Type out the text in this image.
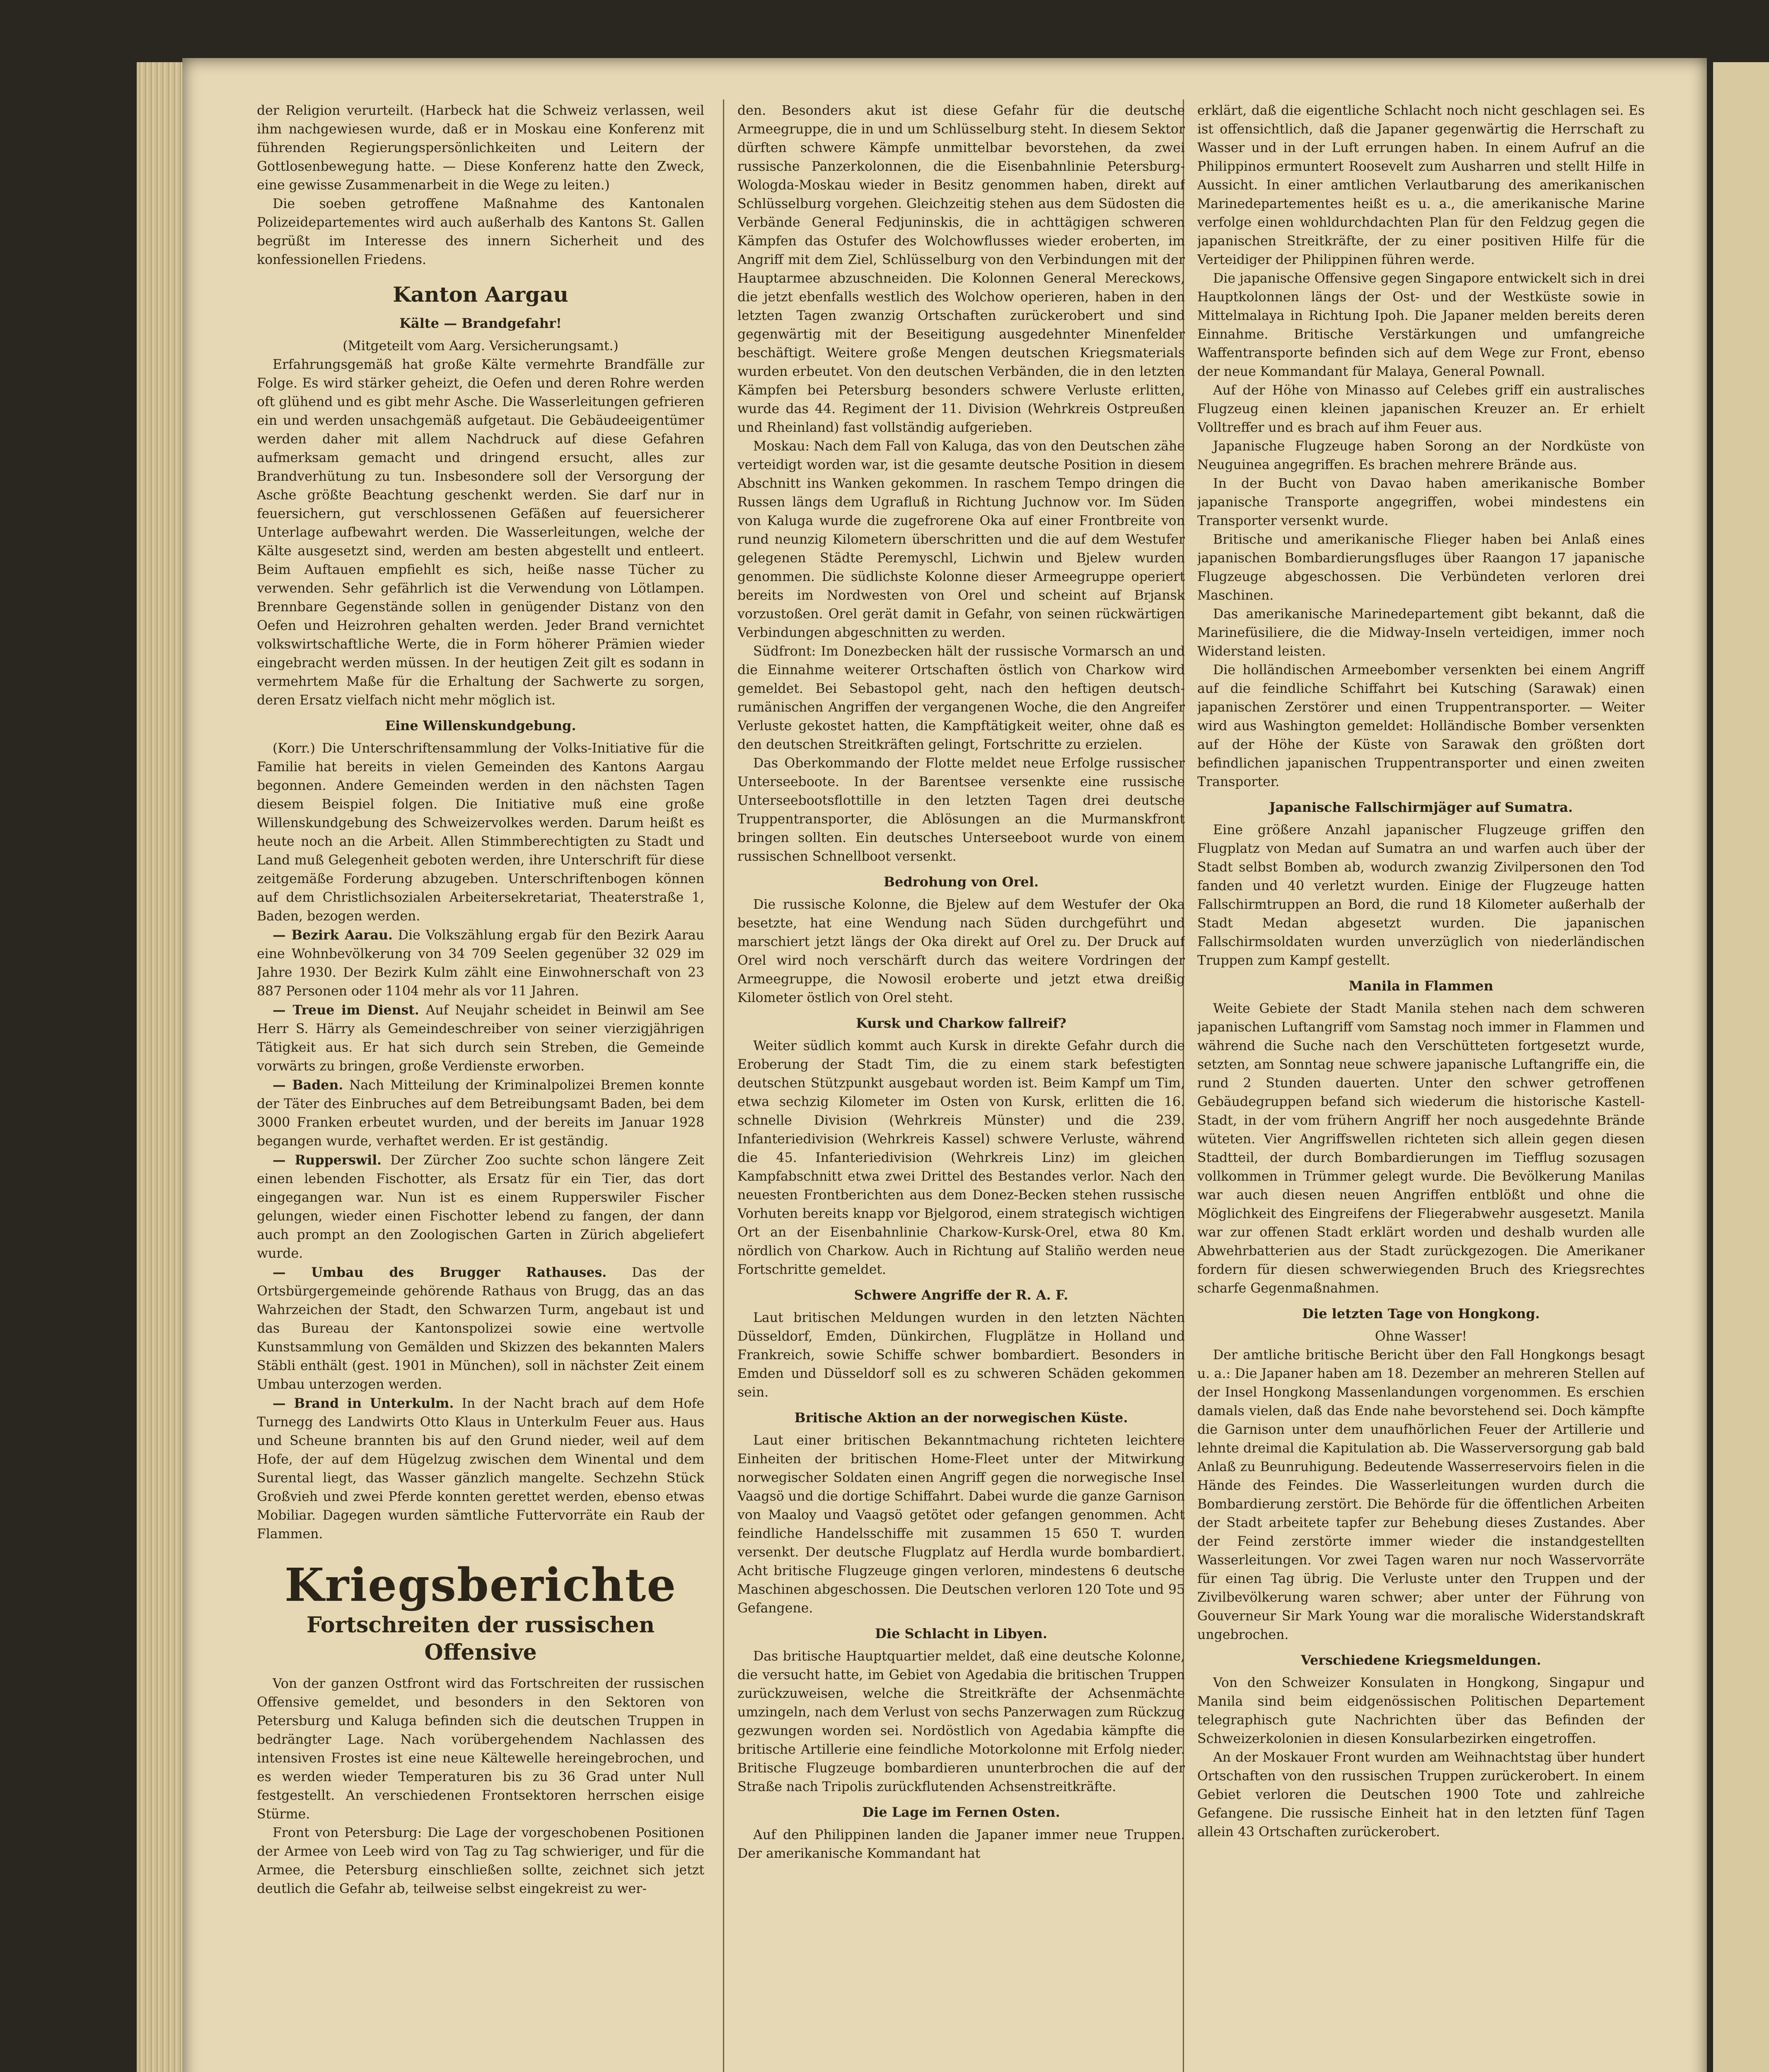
der Religion verurteilt. (Harbeck hat die Schweiz verlassen, weil ihm nachgewiesen wurde, daß er in Moskau eine Konferenz mit führenden Regierungspersönlichkeiten und Leitern der Gottlosenbewegung hatte. — Diese Konferenz hatte den Zweck, eine gewisse Zusammenarbeit in die Wege zu leiten.)

Die soeben getroffene Maßnahme des Kantonalen Polizeidepartementes wird auch außerhalb des Kantons St. Gallen begrüßt im Interesse des innern Sicherheit und des konfessionellen Friedens.

Kanton Aargau
Kälte — Brandgefahr!

(Mitgeteilt vom Aarg. Versicherungsamt.)

Erfahrungsgemäß hat große Kälte vermehrte Brandfälle zur Folge. Es wird stärker geheizt, die Oefen und deren Rohre werden oft glühend und es gibt mehr Asche. Die Wasserleitungen gefrieren ein und werden unsachgemäß aufgetaut. Die Gebäudeeigentümer werden daher mit allem Nachdruck auf diese Gefahren aufmerksam gemacht und dringend ersucht, alles zur Brandverhütung zu tun. Insbesondere soll der Versorgung der Asche größte Beachtung geschenkt werden. Sie darf nur in feuersichern, gut verschlossenen Gefäßen auf feuersicherer Unterlage aufbewahrt werden. Die Wasserleitungen, welche der Kälte ausgesetzt sind, werden am besten abgestellt und entleert. Beim Auftauen empfiehlt es sich, heiße nasse Tücher zu verwenden. Sehr gefährlich ist die Verwendung von Lötlampen. Brennbare Gegenstände sollen in genügender Distanz von den Oefen und Heizrohren gehalten werden. Jeder Brand vernichtet volkswirtschaftliche Werte, die in Form höherer Prämien wieder eingebracht werden müssen. In der heutigen Zeit gilt es sodann in vermehrtem Maße für die Erhaltung der Sachwerte zu sorgen, deren Ersatz vielfach nicht mehr möglich ist.

Eine Willenskundgebung.

(Korr.) Die Unterschriftensammlung der Volks-Initiative für die Familie hat bereits in vielen Gemeinden des Kantons Aargau begonnen. Andere Gemeinden werden in den nächsten Tagen diesem Beispiel folgen. Die Initiative muß eine große Willenskundgebung des Schweizervolkes werden. Darum heißt es heute noch an die Arbeit. Allen Stimmberechtigten zu Stadt und Land muß Gelegenheit geboten werden, ihre Unterschrift für diese zeitgemäße Forderung abzugeben. Unterschriftenbogen können auf dem Christlichsozialen Arbeitersekretariat, Theaterstraße 1, Baden, bezogen werden.

— Bezirk Aarau. Die Volkszählung ergab für den Bezirk Aarau eine Wohnbevölkerung von 34 709 Seelen gegenüber 32 029 im Jahre 1930. Der Bezirk Kulm zählt eine Einwohnerschaft von 23 887 Personen oder 1104 mehr als vor 11 Jahren.

— Treue im Dienst. Auf Neujahr scheidet in Beinwil am See Herr S. Härry als Gemeindeschreiber von seiner vierzigjährigen Tätigkeit aus. Er hat sich durch sein Streben, die Gemeinde vorwärts zu bringen, große Verdienste erworben.

— Baden. Nach Mitteilung der Kriminalpolizei Bremen konnte der Täter des Einbruches auf dem Betreibungsamt Baden, bei dem 3000 Franken erbeutet wurden, und der bereits im Januar 1928 begangen wurde, verhaftet werden. Er ist geständig.

— Rupperswil. Der Zürcher Zoo suchte schon längere Zeit einen lebenden Fischotter, als Ersatz für ein Tier, das dort eingegangen war. Nun ist es einem Rupperswiler Fischer gelungen, wieder einen Fischotter lebend zu fangen, der dann auch prompt an den Zoologischen Garten in Zürich abgeliefert wurde.

— Umbau des Brugger Rathauses. Das der Ortsbürgergemeinde gehörende Rathaus von Brugg, das an das Wahrzeichen der Stadt, den Schwarzen Turm, angebaut ist und das Bureau der Kantonspolizei sowie eine wertvolle Kunstsammlung von Gemälden und Skizzen des bekannten Malers Stäbli enthält (gest. 1901 in München), soll in nächster Zeit einem Umbau unterzogen werden.

— Brand in Unterkulm. In der Nacht brach auf dem Hofe Turnegg des Landwirts Otto Klaus in Unterkulm Feuer aus. Haus und Scheune brannten bis auf den Grund nieder, weil auf dem Hofe, der auf dem Hügelzug zwischen dem Winental und dem Surental liegt, das Wasser gänzlich mangelte. Sechzehn Stück Großvieh und zwei Pferde konnten gerettet werden, ebenso etwas Mobiliar. Dagegen wurden sämtliche Futtervorräte ein Raub der Flammen.

Kriegsberichte
Fortschreiten der russischen Offensive

Von der ganzen Ostfront wird das Fortschreiten der russischen Offensive gemeldet, und besonders in den Sektoren von Petersburg und Kaluga befinden sich die deutschen Truppen in bedrängter Lage. Nach vorübergehendem Nachlassen des intensiven Frostes ist eine neue Kältewelle hereingebrochen, und es werden wieder Temperaturen bis zu 36 Grad unter Null festgestellt. An verschiedenen Frontsektoren herrschen eisige Stürme.

Front von Petersburg: Die Lage der vorgeschobenen Positionen der Armee von Leeb wird von Tag zu Tag schwieriger, und für die Armee, die Petersburg einschließen sollte, zeichnet sich jetzt deutlich die Gefahr ab, teilweise selbst eingekreist zu wer-

den. Besonders akut ist diese Gefahr für die deutsche Armeegruppe, die in und um Schlüsselburg steht. In diesem Sektor dürften schwere Kämpfe unmittelbar bevorstehen, da zwei russische Panzerkolonnen, die die Eisenbahnlinie Petersburg-Wologda-Moskau wieder in Besitz genommen haben, direkt auf Schlüsselburg vorgehen. Gleichzeitig stehen aus dem Südosten die Verbände General Fedjuninskis, die in achttägigen schweren Kämpfen das Ostufer des Wolchowflusses wieder eroberten, im Angriff mit dem Ziel, Schlüsselburg von den Verbindungen mit der Hauptarmee abzuschneiden. Die Kolonnen General Mereckows, die jetzt ebenfalls westlich des Wolchow operieren, haben in den letzten Tagen zwanzig Ortschaften zurückerobert und sind gegenwärtig mit der Beseitigung ausgedehnter Minenfelder beschäftigt. Weitere große Mengen deutschen Kriegsmaterials wurden erbeutet. Von den deutschen Verbänden, die in den letzten Kämpfen bei Petersburg besonders schwere Verluste erlitten, wurde das 44. Regiment der 11. Division (Wehrkreis Ostpreußen und Rheinland) fast vollständig aufgerieben.

Moskau: Nach dem Fall von Kaluga, das von den Deutschen zähe verteidigt worden war, ist die gesamte deutsche Position in diesem Abschnitt ins Wanken gekommen. In raschem Tempo dringen die Russen längs dem Ugrafluß in Richtung Juchnow vor. Im Süden von Kaluga wurde die zugefrorene Oka auf einer Frontbreite von rund neunzig Kilometern überschritten und die auf dem Westufer gelegenen Städte Peremyschl, Lichwin und Bjelew wurden genommen. Die südlichste Kolonne dieser Armeegruppe operiert bereits im Nordwesten von Orel und scheint auf Brjansk vorzustoßen. Orel gerät damit in Gefahr, von seinen rückwärtigen Verbindungen abgeschnitten zu werden.

Südfront: Im Donezbecken hält der russische Vormarsch an und die Einnahme weiterer Ortschaften östlich von Charkow wird gemeldet. Bei Sebastopol geht, nach den heftigen deutsch-rumänischen Angriffen der vergangenen Woche, die den Angreifer Verluste gekostet hatten, die Kampftätigkeit weiter, ohne daß es den deutschen Streitkräften gelingt, Fortschritte zu erzielen.

Das Oberkommando der Flotte meldet neue Erfolge russischer Unterseeboote. In der Barentsee versenkte eine russische Unterseebootsflottille in den letzten Tagen drei deutsche Truppentransporter, die Ablösungen an die Murmanskfront bringen sollten. Ein deutsches Unterseeboot wurde von einem russischen Schnellboot versenkt.

Bedrohung von Orel.

Die russische Kolonne, die Bjelew auf dem Westufer der Oka besetzte, hat eine Wendung nach Süden durchgeführt und marschiert jetzt längs der Oka direkt auf Orel zu. Der Druck auf Orel wird noch verschärft durch das weitere Vordringen der Armeegruppe, die Nowosil eroberte und jetzt etwa dreißig Kilometer östlich von Orel steht.

Kursk und Charkow fallreif?

Weiter südlich kommt auch Kursk in direkte Gefahr durch die Eroberung der Stadt Tim, die zu einem stark befestigten deutschen Stützpunkt ausgebaut worden ist. Beim Kampf um Tim, etwa sechzig Kilometer im Osten von Kursk, erlitten die 16. schnelle Division (Wehrkreis Münster) und die 239. Infanteriedivision (Wehrkreis Kassel) schwere Verluste, während die 45. Infanteriedivision (Wehrkreis Linz) im gleichen Kampfabschnitt etwa zwei Drittel des Bestandes verlor. Nach den neuesten Frontberichten aus dem Donez-Becken stehen russische Vorhuten bereits knapp vor Bjelgorod, einem strategisch wichtigen Ort an der Eisenbahnlinie Charkow-Kursk-Orel, etwa 80 Km. nördlich von Charkow. Auch in Richtung auf Staliño werden neue Fortschritte gemeldet.

Schwere Angriffe der R. A. F.

Laut britischen Meldungen wurden in den letzten Nächten Düsseldorf, Emden, Dünkirchen, Flugplätze in Holland und Frankreich, sowie Schiffe schwer bombardiert. Besonders in Emden und Düsseldorf soll es zu schweren Schäden gekommen sein.

Britische Aktion an der norwegischen Küste.

Laut einer britischen Bekanntmachung richteten leichtere Einheiten der britischen Home-Fleet unter der Mitwirkung norwegischer Soldaten einen Angriff gegen die norwegische Insel Vaagsö und die dortige Schiffahrt. Dabei wurde die ganze Garnison von Maaloy und Vaagsö getötet oder gefangen genommen. Acht feindliche Handelsschiffe mit zusammen 15 650 T. wurden versenkt. Der deutsche Flugplatz auf Herdla wurde bombardiert. Acht britische Flugzeuge gingen verloren, mindestens 6 deutsche Maschinen abgeschossen. Die Deutschen verloren 120 Tote und 95 Gefangene.

Die Schlacht in Libyen.

Das britische Hauptquartier meldet, daß eine deutsche Kolonne, die versucht hatte, im Gebiet von Agedabia die britischen Truppen zurückzuweisen, welche die Streitkräfte der Achsenmächte umzingeln, nach dem Verlust von sechs Panzerwagen zum Rückzug gezwungen worden sei. Nordöstlich von Agedabia kämpfte die britische Artillerie eine feindliche Motorkolonne mit Erfolg nieder. Britische Flugzeuge bombardieren ununterbrochen die auf der Straße nach Tripolis zurückflutenden Achsenstreitkräfte.

Die Lage im Fernen Osten.

Auf den Philippinen landen die Japaner immer neue Truppen. Der amerikanische Kommandant hat

erklärt, daß die eigentliche Schlacht noch nicht geschlagen sei. Es ist offensichtlich, daß die Japaner gegenwärtig die Herrschaft zu Wasser und in der Luft errungen haben. In einem Aufruf an die Philippinos ermuntert Roosevelt zum Ausharren und stellt Hilfe in Aussicht. In einer amtlichen Verlautbarung des amerikanischen Marinedepartementes heißt es u. a., die amerikanische Marine verfolge einen wohldurchdachten Plan für den Feldzug gegen die japanischen Streitkräfte, der zu einer positiven Hilfe für die Verteidiger der Philippinen führen werde.

Die japanische Offensive gegen Singapore entwickelt sich in drei Hauptkolonnen längs der Ost- und der Westküste sowie in Mittelmalaya in Richtung Ipoh. Die Japaner melden bereits deren Einnahme. Britische Verstärkungen und umfangreiche Waffentransporte befinden sich auf dem Wege zur Front, ebenso der neue Kommandant für Malaya, General Pownall.

Auf der Höhe von Minasso auf Celebes griff ein australisches Flugzeug einen kleinen japanischen Kreuzer an. Er erhielt Volltreffer und es brach auf ihm Feuer aus.

Japanische Flugzeuge haben Sorong an der Nordküste von Neuguinea angegriffen. Es brachen mehrere Brände aus.

In der Bucht von Davao haben amerikanische Bomber japanische Transporte angegriffen, wobei mindestens ein Transporter versenkt wurde.

Britische und amerikanische Flieger haben bei Anlaß eines japanischen Bombardierungsfluges über Raangon 17 japanische Flugzeuge abgeschossen. Die Verbündeten verloren drei Maschinen.

Das amerikanische Marinedepartement gibt bekannt, daß die Marinefüsiliere, die die Midway-Inseln verteidigen, immer noch Widerstand leisten.

Die holländischen Armeebomber versenkten bei einem Angriff auf die feindliche Schiffahrt bei Kutsching (Sarawak) einen japanischen Zerstörer und einen Truppentransporter. — Weiter wird aus Washington gemeldet: Holländische Bomber versenkten auf der Höhe der Küste von Sarawak den größten dort befindlichen japanischen Truppentransporter und einen zweiten Transporter.

Japanische Fallschirmjäger auf Sumatra.

Eine größere Anzahl japanischer Flugzeuge griffen den Flugplatz von Medan auf Sumatra an und warfen auch über der Stadt selbst Bomben ab, wodurch zwanzig Zivilpersonen den Tod fanden und 40 verletzt wurden. Einige der Flugzeuge hatten Fallschirmtruppen an Bord, die rund 18 Kilometer außerhalb der Stadt Medan abgesetzt wurden. Die japanischen Fallschirmsoldaten wurden unverzüglich von niederländischen Truppen zum Kampf gestellt.

Manila in Flammen

Weite Gebiete der Stadt Manila stehen nach dem schweren japanischen Luftangriff vom Samstag noch immer in Flammen und während die Suche nach den Verschütteten fortgesetzt wurde, setzten, am Sonntag neue schwere japanische Luftangriffe ein, die rund 2 Stunden dauerten. Unter den schwer getroffenen Gebäudegruppen befand sich wiederum die historische Kastell-Stadt, in der vom frühern Angriff her noch ausgedehnte Brände wüteten. Vier Angriffswellen richteten sich allein gegen diesen Stadtteil, der durch Bombardierungen im Tiefflug sozusagen vollkommen in Trümmer gelegt wurde. Die Bevölkerung Manilas war auch diesen neuen Angriffen entblößt und ohne die Möglichkeit des Eingreifens der Fliegerabwehr ausgesetzt. Manila war zur offenen Stadt erklärt worden und deshalb wurden alle Abwehrbatterien aus der Stadt zurückgezogen. Die Amerikaner fordern für diesen schwerwiegenden Bruch des Kriegsrechtes scharfe Gegenmaßnahmen.

Die letzten Tage von Hongkong.

Ohne Wasser!

Der amtliche britische Bericht über den Fall Hongkongs besagt u. a.: Die Japaner haben am 18. Dezember an mehreren Stellen auf der Insel Hongkong Massenlandungen vorgenommen. Es erschien damals vielen, daß das Ende nahe bevorstehend sei. Doch kämpfte die Garnison unter dem unaufhörlichen Feuer der Artillerie und lehnte dreimal die Kapitulation ab. Die Wasserversorgung gab bald Anlaß zu Beunruhigung. Bedeutende Wasserreservoirs fielen in die Hände des Feindes. Die Wasserleitungen wurden durch die Bombardierung zerstört. Die Behörde für die öffentlichen Arbeiten der Stadt arbeitete tapfer zur Behebung dieses Zustandes. Aber der Feind zerstörte immer wieder die instandgestellten Wasserleitungen. Vor zwei Tagen waren nur noch Wasservorräte für einen Tag übrig. Die Verluste unter den Truppen und der Zivilbevölkerung waren schwer; aber unter der Führung von Gouverneur Sir Mark Young war die moralische Widerstandskraft ungebrochen.

Verschiedene Kriegsmeldungen.

Von den Schweizer Konsulaten in Hongkong, Singapur und Manila sind beim eidgenössischen Politischen Departement telegraphisch gute Nachrichten über das Befinden der Schweizerkolonien in diesen Konsularbezirken eingetroffen.

An der Moskauer Front wurden am Weihnachtstag über hundert Ortschaften von den russischen Truppen zurückerobert. In einem Gebiet verloren die Deutschen 1900 Tote und zahlreiche Gefangene. Die russische Einheit hat in den letzten fünf Tagen allein 43 Ortschaften zurückerobert.
